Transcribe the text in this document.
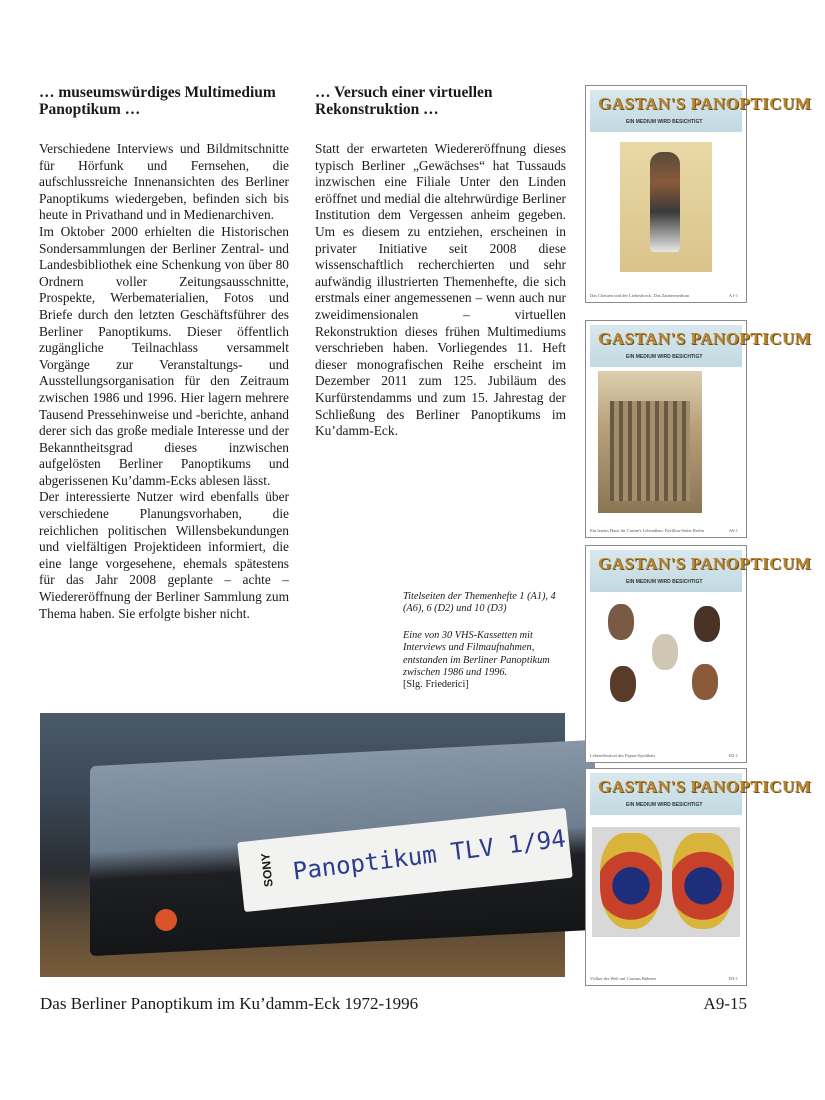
… museumswürdiges Multimedium Panoptikum …

Verschiedene Interviews und Bildmitschnitte für Hörfunk und Fernsehen, die aufschlussreiche Innenansichten des Berliner Panoptikums wiedergeben, befinden sich bis heute in Privathand und in Medienarchiven.

Im Oktober 2000 erhielten die Historischen Sondersammlungen der Berliner Zentral- und Landesbibliothek eine Schenkung von über 80 Ordnern voller Zeitungsausschnitte, Prospekte, Werbematerialien, Fotos und Briefe durch den letzten Geschäftsführer des Berliner Panoptikums. Dieser öffentlich zugängliche Teilnachlass versammelt Vorgänge zur Veranstaltungs- und Ausstellungsorganisation für den Zeitraum zwischen 1986 und 1996. Hier lagern mehrere Tausend Pressehinweise und -berichte, anhand derer sich das große mediale Interesse und der Bekanntheitsgrad dieses inzwischen aufgelösten Berliner Panoptikums und abgerissenen Ku’damm-Ecks ablesen lässt.

Der interessierte Nutzer wird ebenfalls über verschiedene Planungsvorhaben, die reichlichen politischen Willensbekundungen und vielfältigen Projektideen informiert, die eine lange vorgesehene, ehemals spätestens für das Jahr 2008 geplante – achte – Wiedereröffnung der Berliner Sammlung zum Thema haben. Sie erfolgte bisher nicht.

… Versuch einer virtuellen Rekonstruktion …

Statt der erwarteten Wiedereröffnung dieses typisch Berliner „Gewächses“ hat Tussauds inzwischen eine Filiale Unter den Linden eröffnet und medial die altehrwürdige Berliner Institution dem Vergessen anheim gegeben. Um es diesem zu entziehen, erscheinen in privater Initiative seit 2008 diese wissenschaftlich recherchierten und sehr aufwändig illustrierten Themenhefte, die sich erstmals einer angemessenen – wenn auch nur zweidimensionalen – virtuellen Rekonstruktion dieses frühen Multimediums verschrieben haben. Vorliegendes 11. Heft dieser monografischen Reihe erscheint im Dezember 2011 zum 125. Jubiläum des Kurfürstendamms und zum 15. Jahrestag der Schließung des Berliner Panoptikums im Ku’damm-Eck.

Titelseiten der Themenhefte 1 (A1), 4 (A6), 6 (D2) und 10 (D3)

Eine von 30 VHS-Kassetten mit Interviews und Filmaufnahmen, entstanden im Berliner Panoptikum zwischen 1986 und 1996.

[Slg. Friederici]

Panoptikum TLV 1/94
SONY
GASTAN'S PANOPTICUM
EIN MEDIUM WIRD BESICHTIGT
Das Chetuen und der Liebesbrock. Das Zaubermedium	A1-1
GASTAN'S PANOPTICUM
EIN MEDIUM WIRD BESICHTIGT
Ein letztes Haus für Castan's Lebendbau. Pavillon-Stube Berlin	A6-1
GASTAN'S PANOPTICUM
EIN MEDIUM WIRD BESICHTIGT
Lebendfestival des Papua-Syndikats	D2-1
GASTAN'S PANOPTICUM
EIN MEDIUM WIRD BESICHTIGT
Völker der Welt auf Castans Bühnen	D3-1
Das Berliner Panoptikum im Ku’damm-Eck 1972-1996	A9-15
